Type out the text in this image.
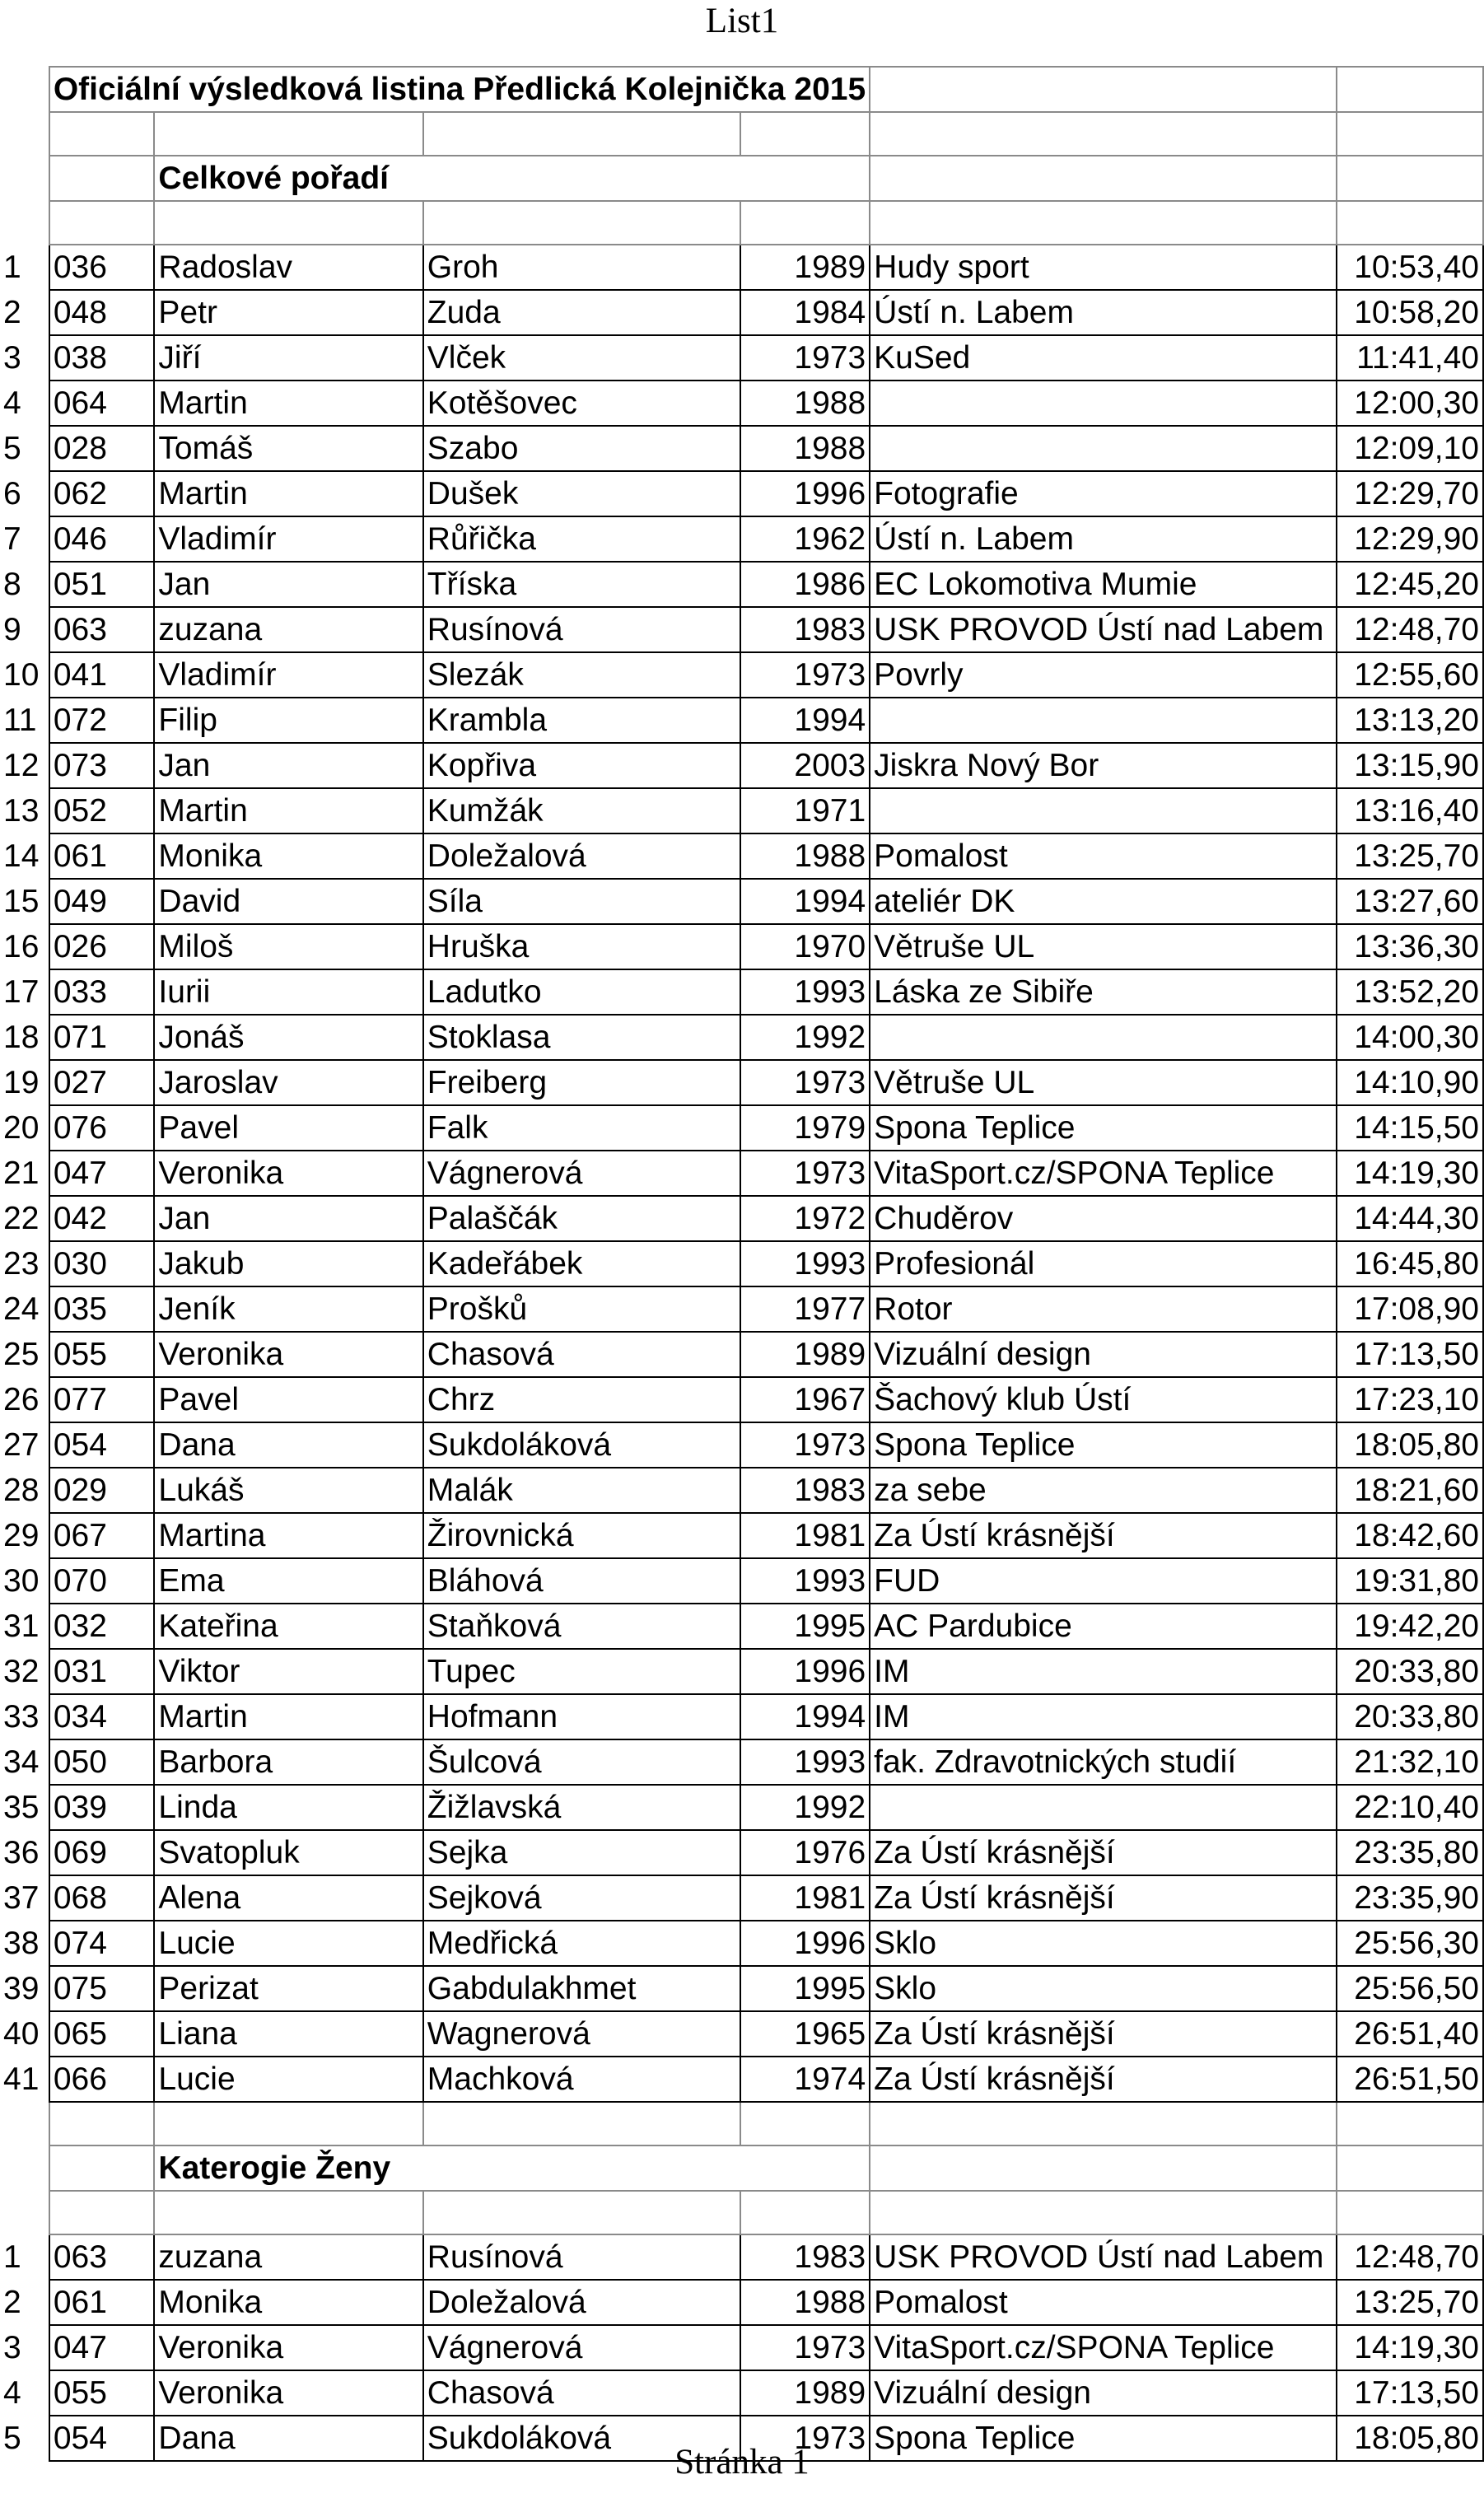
List1
	Oficiální výsledková listina Předlická Kolejnička 2015					

		Celkové pořadí				

1	036	Radoslav	Groh	1989	Hudy sport	10:53,40
2	048	Petr	Zuda	1984	Ústí n. Labem	10:58,20
3	038	Jiří	Vlček	1973	KuSed	11:41,40
4	064	Martin	Kotěšovec	1988		12:00,30
5	028	Tomáš	Szabo	1988		12:09,10
6	062	Martin	Dušek	1996	Fotografie	12:29,70
7	046	Vladimír	Růřička	1962	Ústí n. Labem	12:29,90
8	051	Jan	Tříska	1986	EC Lokomotiva Mumie	12:45,20
9	063	zuzana	Rusínová	1983	USK PROVOD Ústí nad Labem	12:48,70
10	041	Vladimír	Slezák	1973	Povrly	12:55,60
11	072	Filip	Krambla	1994		13:13,20
12	073	Jan	Kopřiva	2003	Jiskra Nový Bor	13:15,90
13	052	Martin	Kumžák	1971		13:16,40
14	061	Monika	Doležalová	1988	Pomalost	13:25,70
15	049	David	Síla	1994	ateliér DK	13:27,60
16	026	Miloš	Hruška	1970	Větruše UL	13:36,30
17	033	Iurii	Ladutko	1993	Láska ze Sibiře	13:52,20
18	071	Jonáš	Stoklasa	1992		14:00,30
19	027	Jaroslav	Freiberg	1973	Větruše UL	14:10,90
20	076	Pavel	Falk	1979	Spona Teplice	14:15,50
21	047	Veronika	Vágnerová	1973	VitaSport.cz/SPONA Teplice	14:19,30
22	042	Jan	Palaščák	1972	Chuděrov	14:44,30
23	030	Jakub	Kadeřábek	1993	Profesionál	16:45,80
24	035	Jeník	Prošků	1977	Rotor	17:08,90
25	055	Veronika	Chasová	1989	Vizuální design	17:13,50
26	077	Pavel	Chrz	1967	Šachový klub Ústí	17:23,10
27	054	Dana	Sukdoláková	1973	Spona Teplice	18:05,80
28	029	Lukáš	Malák	1983	za sebe	18:21,60
29	067	Martina	Žirovnická	1981	Za Ústí krásnější	18:42,60
30	070	Ema	Bláhová	1993	FUD	19:31,80
31	032	Kateřina	Staňková	1995	AC Pardubice	19:42,20
32	031	Viktor	Tupec	1996	IM	20:33,80
33	034	Martin	Hofmann	1994	IM	20:33,80
34	050	Barbora	Šulcová	1993	fak. Zdravotnických studií	21:32,10
35	039	Linda	Žižlavská	1992		22:10,40
36	069	Svatopluk	Sejka	1976	Za Ústí krásnější	23:35,80
37	068	Alena	Sejková	1981	Za Ústí krásnější	23:35,90
38	074	Lucie	Medřická	1996	Sklo	25:56,30
39	075	Perizat	Gabdulakhmet	1995	Sklo	25:56,50
40	065	Liana	Wagnerová	1965	Za Ústí krásnější	26:51,40
41	066	Lucie	Machková	1974	Za Ústí krásnější	26:51,50

		Katerogie Ženy				

1	063	zuzana	Rusínová	1983	USK PROVOD Ústí nad Labem	12:48,70
2	061	Monika	Doležalová	1988	Pomalost	13:25,70
3	047	Veronika	Vágnerová	1973	VitaSport.cz/SPONA Teplice	14:19,30
4	055	Veronika	Chasová	1989	Vizuální design	17:13,50
5	054	Dana	Sukdoláková	1973	Spona Teplice	18:05,80
Stránka 1
